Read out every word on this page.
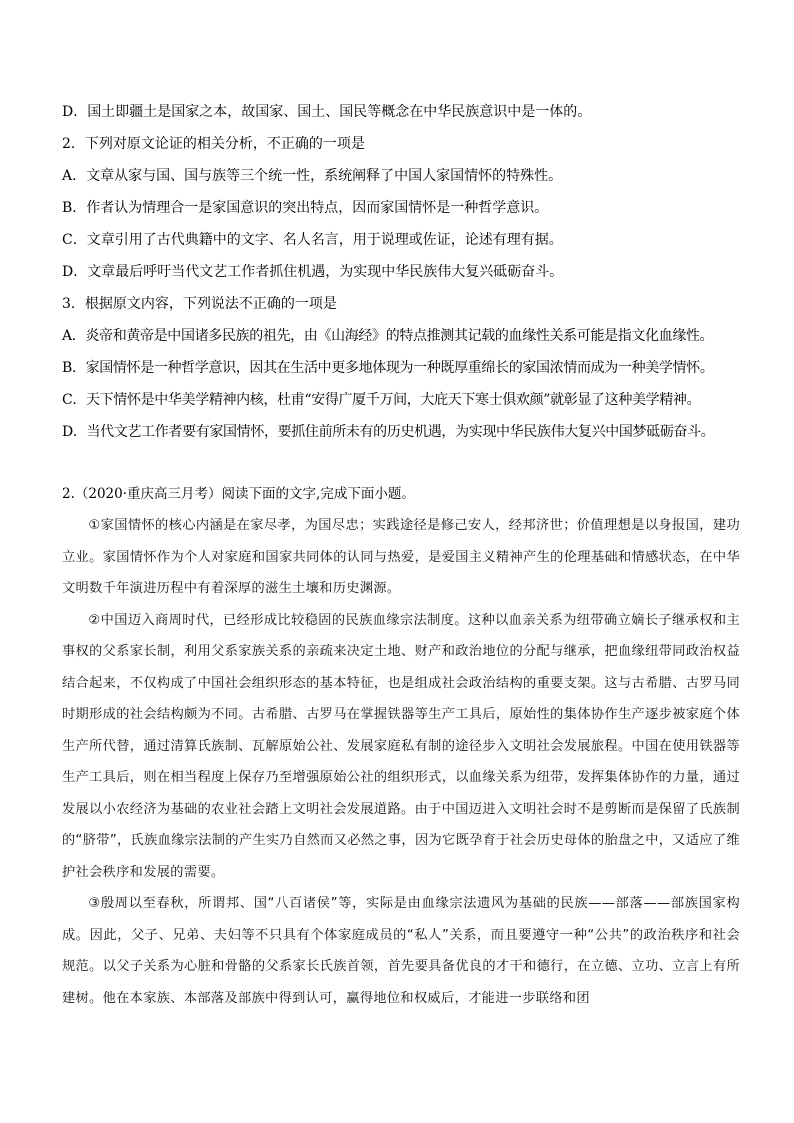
D．国土即疆土是国家之本，故国家、国土、国民等概念在中华民族意识中是一体的。

2．下列对原文论证的相关分析，不正确的一项是

A．文章从家与国、国与族等三个统一性，系统阐释了中国人家国情怀的特殊性。

B．作者认为情理合一是家国意识的突出特点，因而家国情怀是一种哲学意识。

C．文章引用了古代典籍中的文字、名人名言，用于说理或佐证，论述有理有据。

D．文章最后呼吁当代文艺工作者抓住机遇，为实现中华民族伟大复兴砥砺奋斗。

3．根据原文内容，下列说法不正确的一项是

A．炎帝和黄帝是中国诸多民族的祖先，由《山海经》的特点推测其记载的血缘性关系可能是指文化血缘性。

B．家国情怀是一种哲学意识，因其在生活中更多地体现为一种既厚重绵长的家国浓情而成为一种美学情怀。

C．天下情怀是中华美学精神内核，杜甫“安得广厦千万间，大庇天下寒士俱欢颜”就彰显了这种美学精神。

D．当代文艺工作者要有家国情怀，要抓住前所未有的历史机遇，为实现中华民族伟大复兴中国梦砥砺奋斗。

2.（2020·重庆高三月考）阅读下面的文字,完成下面小题。

①家国情怀的核心内涵是在家尽孝，为国尽忠；实践途径是修己安人，经邦济世；价值理想是以身报国，建功立业。家国情怀作为个人对家庭和国家共同体的认同与热爱，是爱国主义精神产生的伦理基础和情感状态，在中华文明数千年演进历程中有着深厚的滋生土壤和历史渊源。

②中国迈入商周时代，已经形成比较稳固的民族血缘宗法制度。这种以血亲关系为纽带确立嫡长子继承权和主事权的父系家长制，利用父系家族关系的亲疏来决定土地、财产和政治地位的分配与继承，把血缘纽带同政治权益结合起来，不仅构成了中国社会组织形态的基本特征，也是组成社会政治结构的重要支架。这与古希腊、古罗马同时期形成的社会结构颇为不同。古希腊、古罗马在掌握铁器等生产工具后，原始性的集体协作生产逐步被家庭个体生产所代替，通过清算氏族制、瓦解原始公社、发展家庭私有制的途径步入文明社会发展旅程。中国在使用铁器等生产工具后，则在相当程度上保存乃至增强原始公社的组织形式，以血缘关系为纽带，发挥集体协作的力量，通过发展以小农经济为基础的农业社会踏上文明社会发展道路。由于中国迈进入文明社会时不是剪断而是保留了氏族制的“脐带”，氏族血缘宗法制的产生实乃自然而又必然之事，因为它既孕育于社会历史母体的胎盘之中，又适应了维护社会秩序和发展的需要。

③殷周以至春秋，所谓邦、国“八百诸侯”等，实际是由血缘宗法遗风为基础的民族——部落——部族国家构成。因此，父子、兄弟、夫妇等不只具有个体家庭成员的“私人”关系，而且要遵守一种“公共”的政治秩序和社会规范。以父子关系为心脏和骨骼的父系家长氏族首领，首先要具备优良的才干和德行，在立德、立功、立言上有所建树。他在本家族、本部落及部族中得到认可，赢得地位和权威后，才能进一步联络和团
